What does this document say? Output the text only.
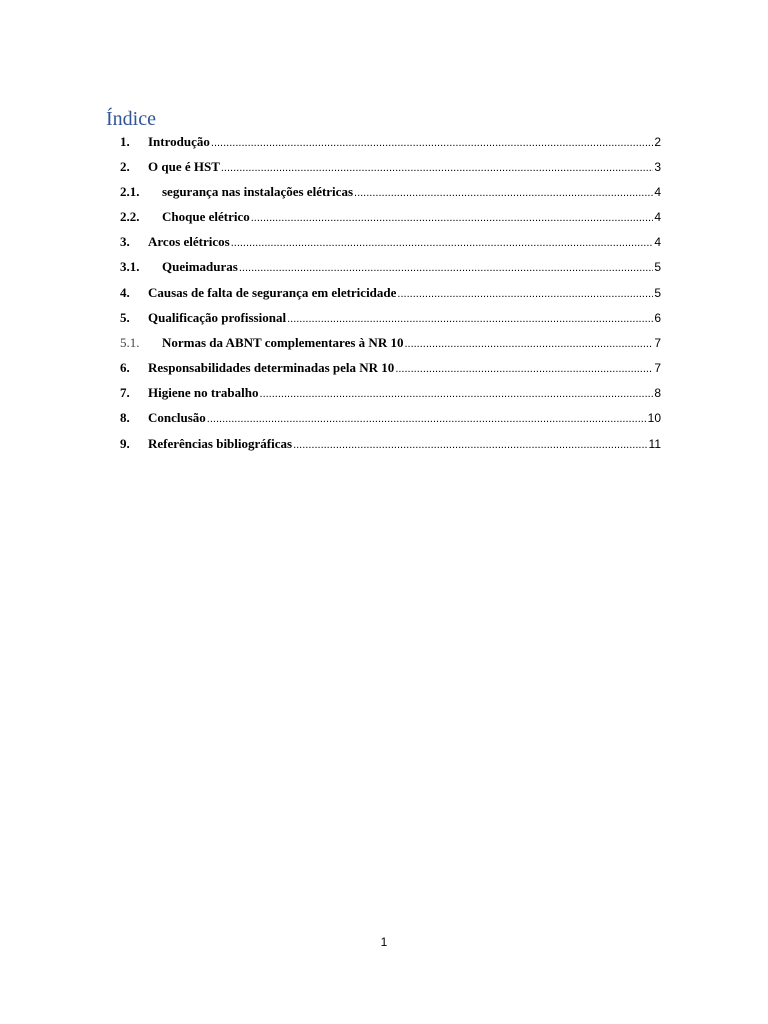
Índice
1.	Introdução .....	2
2.	O que é HST .....	3
2.1.	segurança nas instalações elétricas .....	4
2.2.	Choque elétrico .....	4
3.	Arcos elétricos .....	4
3.1.	Queimaduras .....	5
4.	Causas de falta de segurança em eletricidade .....	5
5.	Qualificação profissional .....	6
5.1.	Normas da ABNT complementares à NR 10 .....	7
6.	Responsabilidades determinadas pela NR 10 .....	7
7.	Higiene no trabalho .....	8
8.	Conclusão .....	10
9.	Referências bibliográficas .....	11
1
